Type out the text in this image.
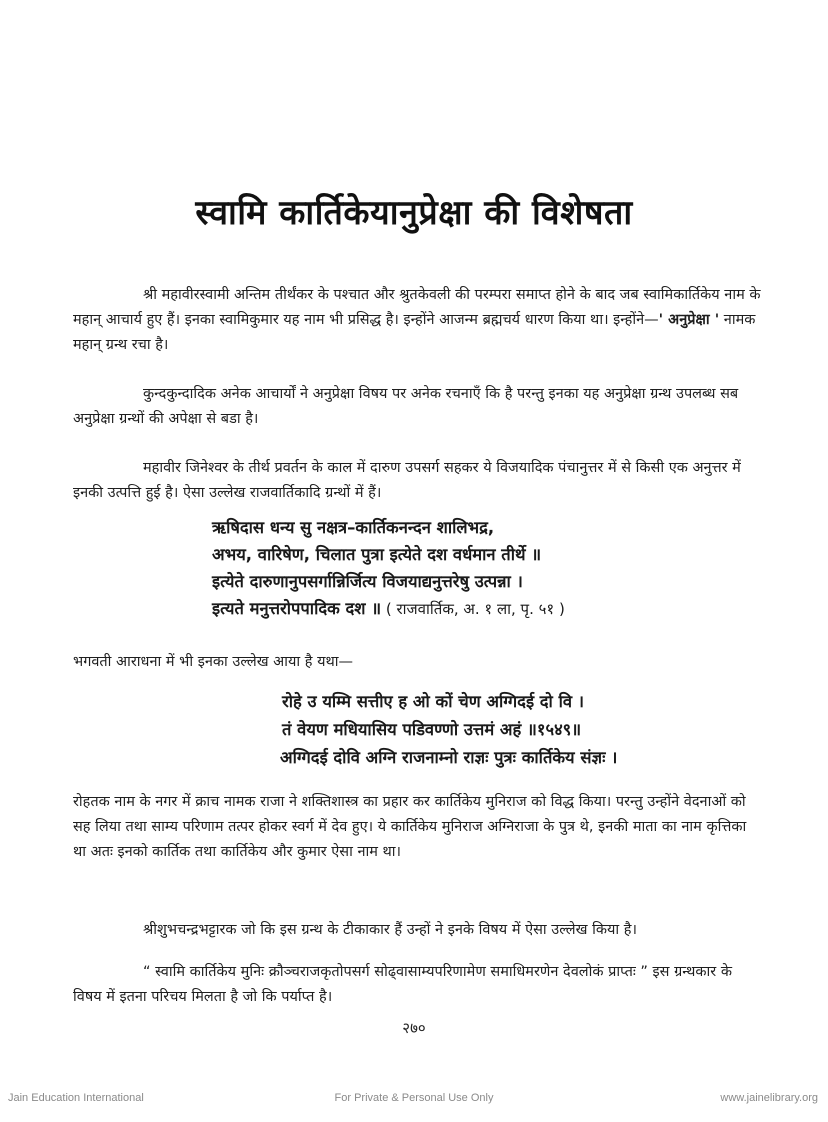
स्वामि कार्तिकेयानुप्रेक्षा की विशेषता
श्री महावीरस्वामी अन्तिम तीर्थंकर के पश्चात और श्रुतकेवली की परम्परा समाप्त होने के बाद जब स्वामिकार्तिकेय नाम के महान् आचार्य हुए हैं। इनका स्वामिकुमार यह नाम भी प्रसिद्ध है। इन्होंने आजन्म ब्रह्मचर्य धारण किया था। इन्होंने—' अनुप्रेक्षा ' नामक महान् ग्रन्थ रचा है।
कुन्दकुन्दादिक अनेक आचार्यों ने अनुप्रेक्षा विषय पर अनेक रचनाएँ कि है परन्तु इनका यह अनुप्रेक्षा ग्रन्थ उपलब्ध सब अनुप्रेक्षा ग्रन्थों की अपेक्षा से बडा है।
महावीर जिनेश्वर के तीर्थ प्रवर्तन के काल में दारुण उपसर्ग सहकर ये विजयादिक पंचानुत्तर में से किसी एक अनुत्तर में इनकी उत्पत्ति हुई है। ऐसा उल्लेख राजवार्तिकादि ग्रन्थों में हैं।
ऋषिदास धन्य सु नक्षत्र–कार्तिकनन्दन शालिभद्र,
अभय, वारिषेण, चिलात पुत्रा इत्येते दश वर्धमान तीर्थे ॥
इत्येते दारुणानुपसर्गान्निर्जित्य विजयाद्यनुत्तरेषु उत्पन्ना ।
इत्यते मनुत्तरोपपादिक दश ॥ ( राजवार्तिक, अ. १ ला, पृ. ५१ )
भगवती आराधना में भी इनका उल्लेख आया है यथा—
रोहे उ यम्मि सत्तीए ह ओ कों चेण अग्गिदई दो वि ।
तं वेयण मधियासिय पडिवण्णो उत्तमं अहं ॥१५४९॥
अग्गिदई दोवि अग्नि राजनाम्नो राज्ञः पुत्रः कार्तिकेय संज्ञः ।
रोहतक नाम के नगर में क्राच नामक राजा ने शक्तिशास्त्र का प्रहार कर कार्तिकेय मुनिराज को विद्ध किया। परन्तु उन्होंने वेदनाओं को सह लिया तथा साम्य परिणाम तत्पर होकर स्वर्ग में देव हुए। ये कार्तिकेय मुनिराज अग्निराजा के पुत्र थे, इनकी माता का नाम कृत्तिका था अतः इनको कार्तिक तथा कार्तिकेय और कुमार ऐसा नाम था।
श्रीशुभचन्द्रभट्टारक जो कि इस ग्रन्थ के टीकाकार हैं उन्हों ने इनके विषय में ऐसा उल्लेख किया है।
“ स्वामि कार्तिकेय मुनिः क्रौञ्चराजकृतोपसर्ग सोढ्वासाम्यपरिणामेण समाधिमरणेन देवलोकं प्राप्तः ” इस ग्रन्थकार के विषय में इतना परिचय मिलता है जो कि पर्याप्त है।
२७०
Jain Education International	For Private & Personal Use Only	www.jainelibrary.org
